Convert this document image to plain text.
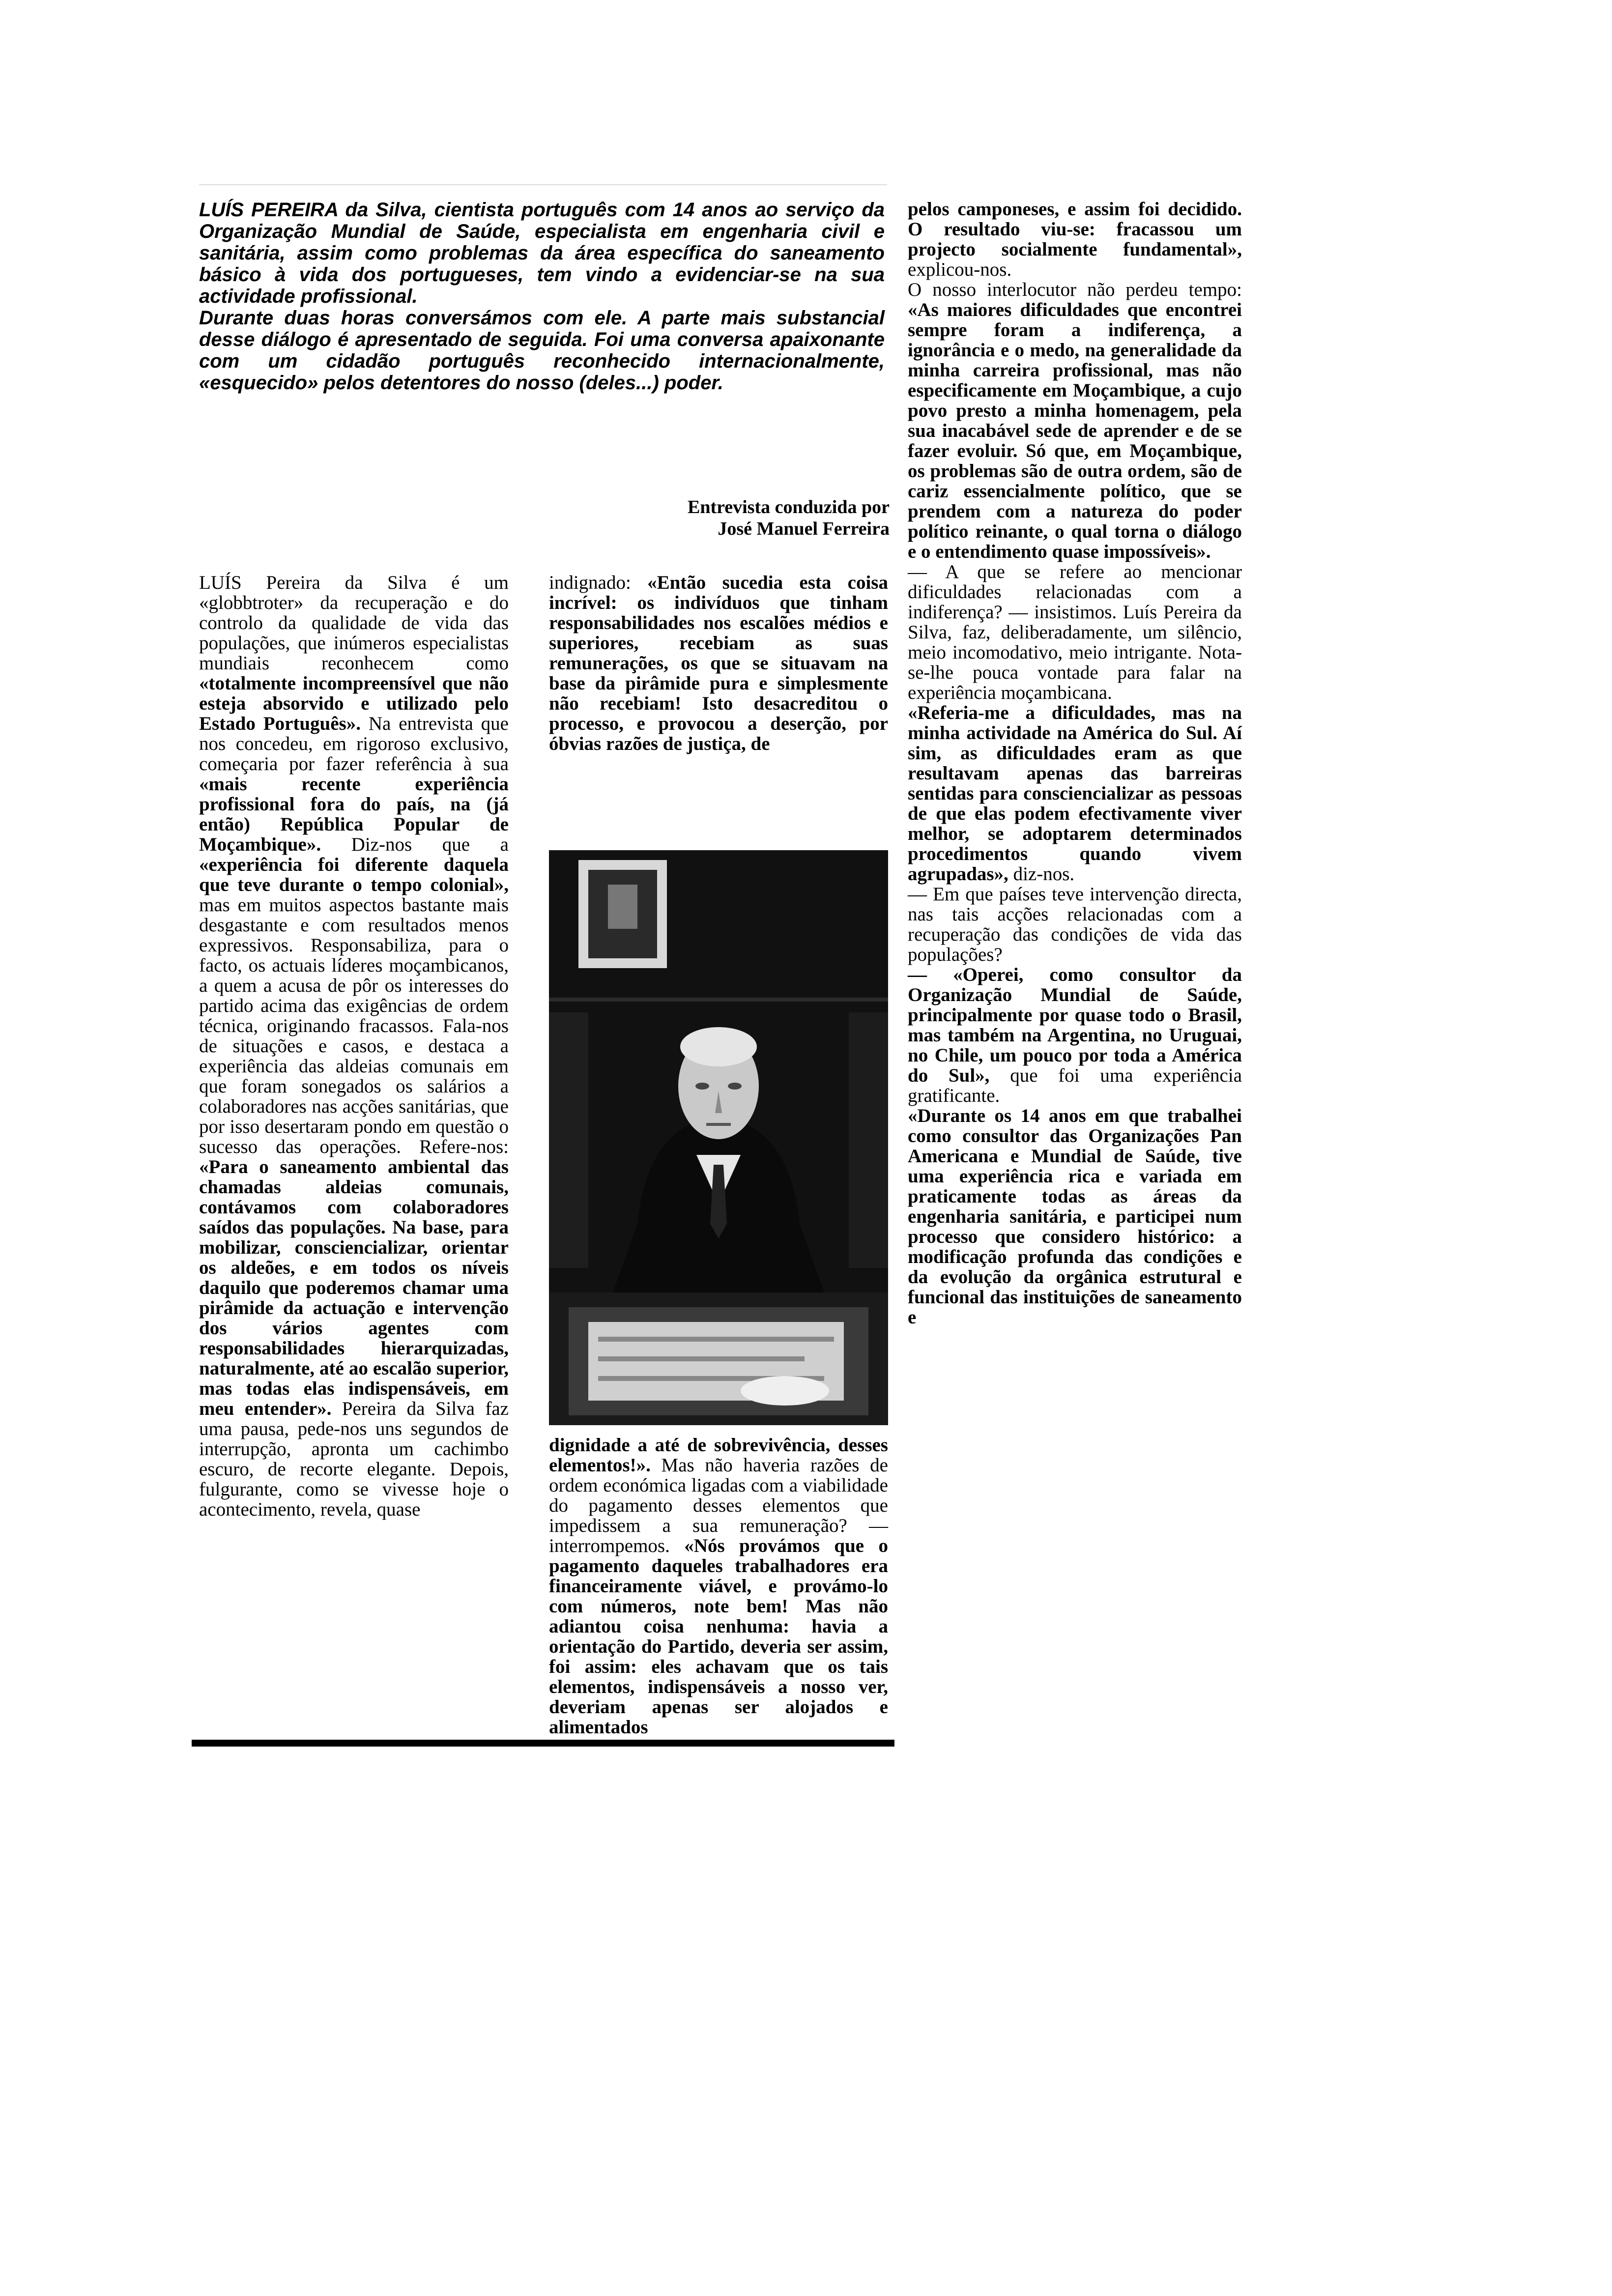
LUÍS PEREIRA da Silva, cientista português com 14 anos ao serviço da Organização Mundial de Saúde, especialista em engenharia civil e sanitária, assim como problemas da área específica do saneamento básico à vida dos portugueses, tem vindo a evidenciar-se na sua actividade profissional.

Durante duas horas conversámos com ele. A parte mais substancial desse diálogo é apresentado de seguida. Foi uma conversa apaixonante com um cidadão português reconhecido internacionalmente, «esquecido» pelos detentores do nosso (deles...) poder.

Entrevista conduzida por
José Manuel Ferreira

LUÍS Pereira da Silva é um «globbtroter» da recuperação e do controlo da qualidade de vida das populações, que inúmeros especialistas mundiais reconhecem como «totalmente incompreensível que não esteja absorvido e utilizado pelo Estado Português». Na entrevista que nos concedeu, em rigoroso exclusivo, começaria por fazer referência à sua «mais recente experiência profissional fora do país, na (já então) República Popular de Moçambique». Diz-nos que a «experiência foi diferente daquela que teve durante o tempo colonial», mas em muitos aspectos bastante mais desgastante e com resultados menos expressivos. Responsabiliza, para o facto, os actuais líderes moçambicanos, a quem a acusa de pôr os interesses do partido acima das exigências de ordem técnica, originando fracassos. Fala-nos de situações e casos, e destaca a experiência das aldeias comunais em que foram sonegados os salários a colaboradores nas acções sanitárias, que por isso desertaram pondo em questão o sucesso das operações. Refere-nos: «Para o saneamento ambiental das chamadas aldeias comunais, contávamos com colaboradores saídos das populações. Na base, para mobilizar, consciencializar, orientar os aldeões, e em todos os níveis daquilo que poderemos chamar uma pirâmide da actuação e intervenção dos vários agentes com responsabilidades hierarquizadas, naturalmente, até ao escalão superior, mas todas elas indispensáveis, em meu entender». Pereira da Silva faz uma pausa, pede-nos uns segundos de interrupção, apronta um cachimbo escuro, de recorte elegante. Depois, fulgurante, como se vivesse hoje o acontecimento, revela, quase

indignado: «Então sucedia esta coisa incrível: os indivíduos que tinham responsabilidades nos escalões médios e superiores, recebiam as suas remunerações, os que se situavam na base da pirâmide pura e simplesmente não recebiam! Isto desacreditou o processo, e provocou a deserção, por óbvias razões de justiça, de

dignidade a até de sobrevivência, desses elementos!». Mas não haveria razões de ordem económica ligadas com a viabilidade do pagamento desses elementos que impedissem a sua remuneração? — interrompemos. «Nós provámos que o pagamento daqueles trabalhadores era financeiramente viável, e provámo-lo com números, note bem! Mas não adiantou coisa nenhuma: havia a orientação do Partido, deveria ser assim, foi assim: eles achavam que os tais elementos, indispensáveis a nosso ver, deveriam apenas ser alojados e alimentados

pelos camponeses, e assim foi decidido. O resultado viu-se: fracassou um projecto socialmente fundamental», explicou-nos.

O nosso interlocutor não perdeu tempo: «As maiores dificuldades que encontrei sempre foram a indiferença, a ignorância e o medo, na generalidade da minha carreira profissional, mas não especificamente em Moçambique, a cujo povo presto a minha homenagem, pela sua inacabável sede de aprender e de se fazer evoluir. Só que, em Moçambique, os problemas são de outra ordem, são de cariz essencialmente político, que se prendem com a natureza do poder político reinante, o qual torna o diálogo e o entendimento quase impossíveis».

— A que se refere ao mencionar dificuldades relacionadas com a indiferença? — insistimos. Luís Pereira da Silva, faz, deliberadamente, um silêncio, meio incomodativo, meio intrigante. Nota-se-lhe pouca vontade para falar na experiência moçambicana.

«Referia-me a dificuldades, mas na minha actividade na América do Sul. Aí sim, as dificuldades eram as que resultavam apenas das barreiras sentidas para consciencializar as pessoas de que elas podem efectivamente viver melhor, se adoptarem determinados procedimentos quando vivem agrupadas», diz-nos.

— Em que países teve intervenção directa, nas tais acções relacionadas com a recuperação das condições de vida das populações?

— «Operei, como consultor da Organização Mundial de Saúde, principalmente por quase todo o Brasil, mas também na Argentina, no Uruguai, no Chile, um pouco por toda a América do Sul», que foi uma experiência gratificante.

«Durante os 14 anos em que trabalhei como consultor das Organizações Pan Americana e Mundial de Saúde, tive uma experiência rica e variada em praticamente todas as áreas da engenharia sanitária, e participei num processo que considero histórico: a modificação profunda das condições e da evolução da orgânica estrutural e funcional das instituições de saneamento e
